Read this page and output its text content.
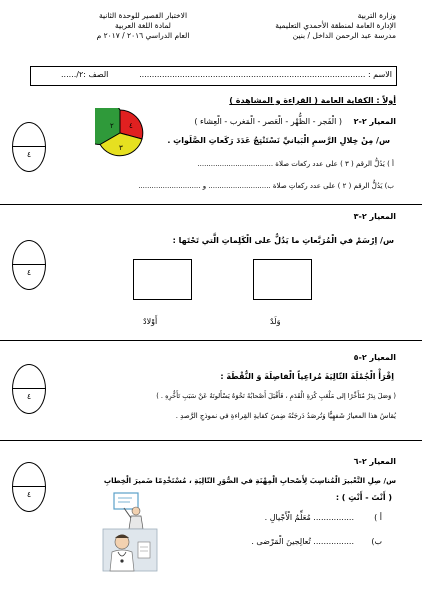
وزارة التربية
الإدارة العامة لمنطقة الأحمدي التعليمية
مدرسة عبد الرحمن الداخل / بنين
الاختبار القصير للوحدة الثانية
لمادة اللغة العربية
العام الدراسي ٢٠١٦ / ٢٠١٧ م
الاسم : .........................................................................................
الصف :٢/......
أولاً : الكفاية العامة ( القراءة و المشاهدة )
المعيار ٢-٢
( الْفَجر - الظُّهْر - الْعَصر - الْمَغرب - الْعِشاء )
س/ مِنْ خِلالِ الرَّسمِ الْبَيانيِّ نَسْتَنْتِجُ عَدَدَ رَكَعاتِ الصَّلَواتِ .
أ ) يَدُلُّ الرقم ( ٣ ) على عدد ركعات صلاة ..................................
ب) يَدُلُّ الرقم ( ٢ ) على عدد ركعاتِ صلاة ............................ و ............................
٢ ٤
٣
٤
المعيار ٢-٣
س/ اِرْسَمْ في الْمُرَبَّعاتِ ما يَدُلُّ على الْكَلِماتِ الَّتي تَحْتَها :
وَلَدٌ
أَوْلادٌ
٤
المعيار ٢-٥
اِقْرَأْ الْجُمْلَةَ التّالِيَةَ مُراعِياً الْفاصِلَةَ وَ النُّقْطَةَ :
( وَصَلَ نِدَرٌ مُتَأَخِّرًا إلى مَلْعَبِ كُرَةِ الْقَدَمِ ، فَأَقْبَلَ أَصْحابُهُ نَحْوَهُ يَسْأَلونَهُ عَنْ سَبَبِ تَأَخُّرِهِ . )
يُقاسُ هذا المعيارُ شَفهِيًّا وَتُرصَدُ دَرجَتُهُ ضِمنَ كفايةِ القِراءةِ في نموذجِ الرَّصدِ .
٤
المعيار ٢-٦
س/ صِلِ التَّعْبيرَ الْمُناسِبَ لِأَصْحابِ الْمِهْنَةِ في الصُّوَرِ التّالِيَةِ ، مُسْتَخْدِمًا ضَميرَ الْخِطابِ
( أَنْتَ - أَنْتِ ) :
أ )
................ مُعَلِّمُ الْأَجْيالِ .
ب)
................ تُعالِجينَ الْمَرْضى .
٤
